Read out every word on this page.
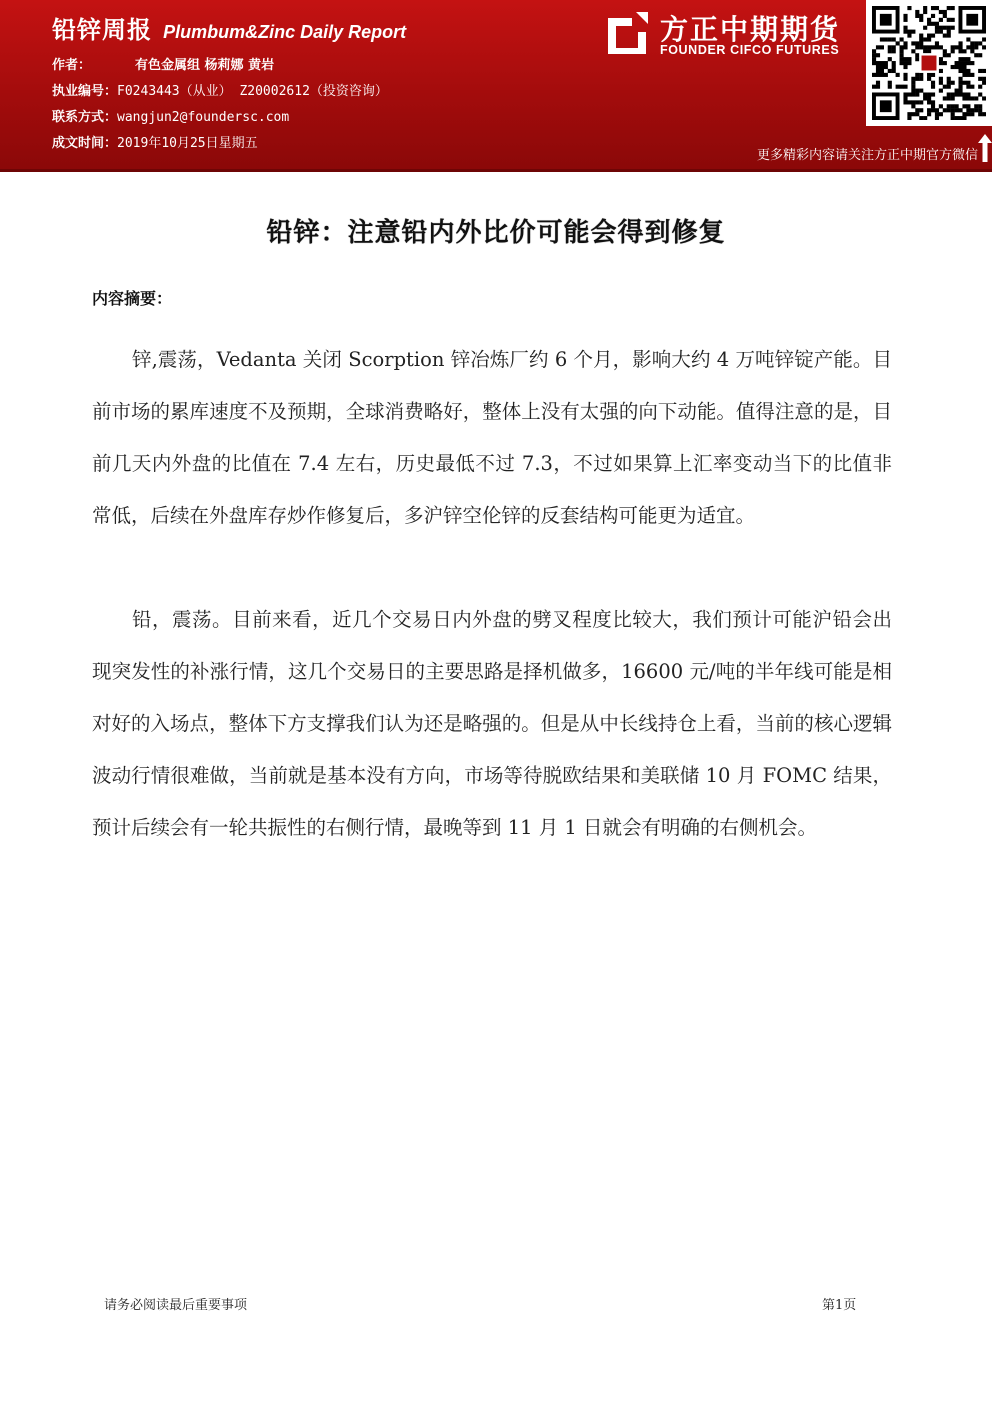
铅锌周报 Plumbum&Zinc Daily Report
作者：	有色金属组 杨莉娜 黄岩
执业编号：F0243443（从业） Z20002612（投资咨询）
联系方式：wangjun2@foundersc.com
成文时间：2019年10月25日星期五
方正中期期货
FOUNDER CIFCO FUTURES
更多精彩内容请关注方正中期官方微信
铅锌：注意铅内外比价可能会得到修复
内容摘要：
锌,震荡，Vedanta 关闭 Scorption 锌冶炼厂约 6 个月，影响大约 4 万吨锌锭产能。目前市场的累库速度不及预期，全球消费略好，整体上没有太强的向下动能。值得注意的是，目前几天内外盘的比值在 7.4 左右，历史最低不过 7.3，不过如果算上汇率变动当下的比值非常低，后续在外盘库存炒作修复后，多沪锌空伦锌的反套结构可能更为适宜。
铅，震荡。目前来看，近几个交易日内外盘的劈叉程度比较大，我们预计可能沪铅会出现突发性的补涨行情，这几个交易日的主要思路是择机做多，16600 元/吨的半年线可能是相对好的入场点，整体下方支撑我们认为还是略强的。但是从中长线持仓上看，当前的核心逻辑波动行情很难做，当前就是基本没有方向，市场等待脱欧结果和美联储 10 月 FOMC 结果，预计后续会有一轮共振性的右侧行情，最晚等到 11 月 1 日就会有明确的右侧机会。
请务必阅读最后重要事项	第1页
